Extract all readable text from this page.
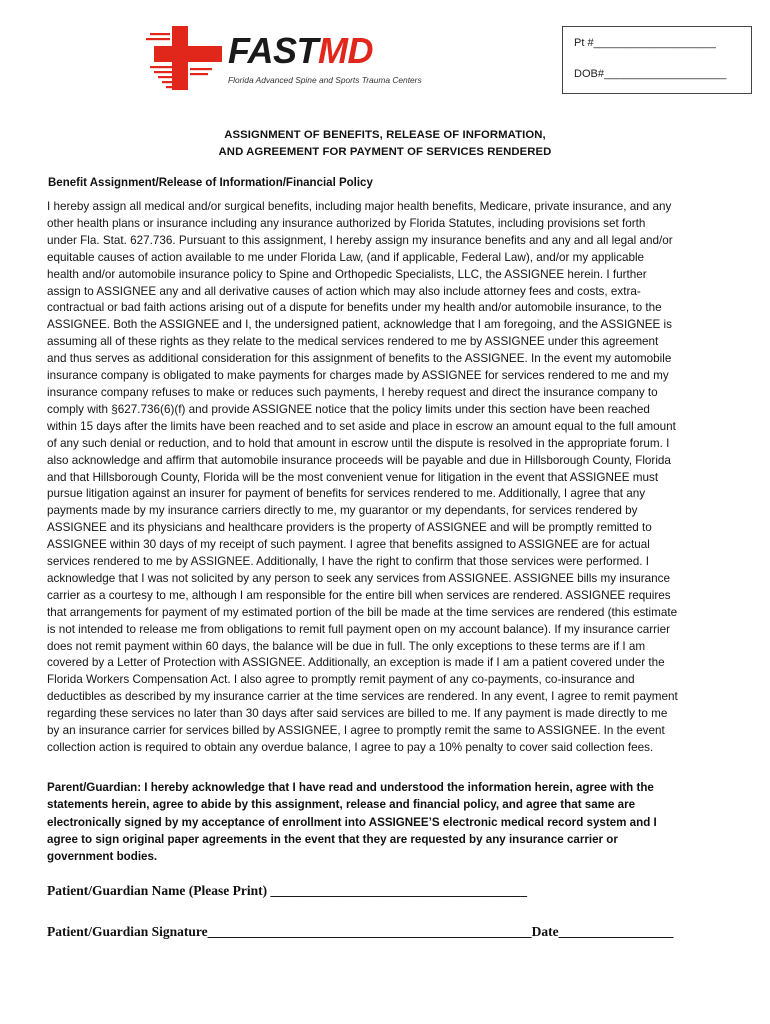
FASTMD
Florida Advanced Spine and Sports Trauma Centers
Pt #____________________
DOB#____________________
ASSIGNMENT OF BENEFITS, RELEASE OF INFORMATION,
AND AGREEMENT FOR PAYMENT OF SERVICES RENDERED
Benefit Assignment/Release of Information/Financial Policy
I hereby assign all medical and/or surgical benefits, including major health benefits, Medicare, private insurance, and any
other health plans or insurance including any insurance authorized by Florida Statutes, including provisions set forth
under Fla. Stat. 627.736. Pursuant to this assignment, I hereby assign my insurance benefits and any and all legal and/or
equitable causes of action available to me under Florida Law, (and if applicable, Federal Law), and/or my applicable
health and/or automobile insurance policy to Spine and Orthopedic Specialists, LLC, the ASSIGNEE herein. I further
assign to ASSIGNEE any and all derivative causes of action which may also include attorney fees and costs, extra-
contractual or bad faith actions arising out of a dispute for benefits under my health and/or automobile insurance, to the
ASSIGNEE. Both the ASSIGNEE and I, the undersigned patient, acknowledge that I am foregoing, and the ASSIGNEE is
assuming all of these rights as they relate to the medical services rendered to me by ASSIGNEE under this agreement
and thus serves as additional consideration for this assignment of benefits to the ASSIGNEE. In the event my automobile
insurance company is obligated to make payments for charges made by ASSIGNEE for services rendered to me and my
insurance company refuses to make or reduces such payments, I hereby request and direct the insurance company to
comply with §627.736(6)(f) and provide ASSIGNEE notice that the policy limits under this section have been reached
within 15 days after the limits have been reached and to set aside and place in escrow an amount equal to the full amount
of any such denial or reduction, and to hold that amount in escrow until the dispute is resolved in the appropriate forum. I
also acknowledge and affirm that automobile insurance proceeds will be payable and due in Hillsborough County, Florida
and that Hillsborough County, Florida will be the most convenient venue for litigation in the event that ASSIGNEE must
pursue litigation against an insurer for payment of benefits for services rendered to me. Additionally, I agree that any
payments made by my insurance carriers directly to me, my guarantor or my dependants, for services rendered by
ASSIGNEE and its physicians and healthcare providers is the property of ASSIGNEE and will be promptly remitted to
ASSIGNEE within 30 days of my receipt of such payment. I agree that benefits assigned to ASSIGNEE are for actual
services rendered to me by ASSIGNEE. Additionally, I have the right to confirm that those services were performed. I
acknowledge that I was not solicited by any person to seek any services from ASSIGNEE. ASSIGNEE bills my insurance
carrier as a courtesy to me, although I am responsible for the entire bill when services are rendered. ASSIGNEE requires
that arrangements for payment of my estimated portion of the bill be made at the time services are rendered (this estimate
is not intended to release me from obligations to remit full payment open on my account balance). If my insurance carrier
does not remit payment within 60 days, the balance will be due in full. The only exceptions to these terms are if I am
covered by a Letter of Protection with ASSIGNEE. Additionally, an exception is made if I am a patient covered under the
Florida Workers Compensation Act. I also agree to promptly remit payment of any co-payments, co-insurance and
deductibles as described by my insurance carrier at the time services are rendered. In any event, I agree to remit payment
regarding these services no later than 30 days after said services are billed to me. If any payment is made directly to me
by an insurance carrier for services billed by ASSIGNEE, I agree to promptly remit the same to ASSIGNEE. In the event
collection action is required to obtain any overdue balance, I agree to pay a 10% penalty to cover said collection fees.
Parent/Guardian: I hereby acknowledge that I have read and understood the information herein, agree with the
statements herein, agree to abide by this assignment, release and financial policy, and agree that same are
electronically signed by my acceptance of enrollment into ASSIGNEE’S electronic medical record system and I
agree to sign original paper agreements in the event that they are requested by any insurance carrier or
government bodies.
Patient/Guardian Name (Please Print) ______________________________________
Patient/Guardian Signature________________________________________________Date_________________
